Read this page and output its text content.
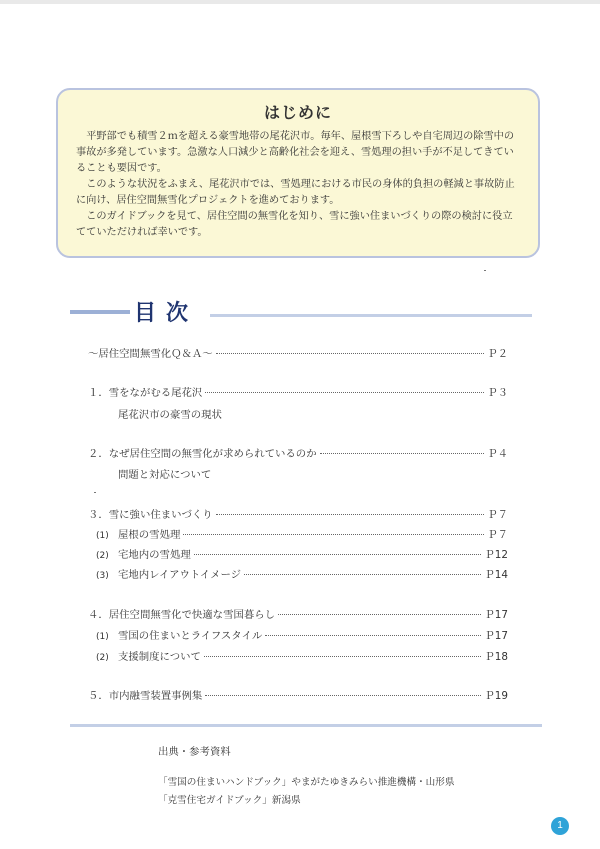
はじめに

平野部でも積雪２ｍを超える豪雪地帯の尾花沢市。毎年、屋根雪下ろしや自宅周辺の除雪中の事故が多発しています。急激な人口減少と高齢化社会を迎え、雪処理の担い手が不足してきていることも要因です。

このような状況をふまえ、尾花沢市では、雪処理における市民の身体的負担の軽減と事故防止に向け、居住空間無雪化プロジェクトを進めております。

このガイドブックを見て、居住空間の無雪化を知り、雪に強い住まいづくりの際の検討に役立てていただければ幸いです。

目次
〜居住空間無雪化Ｑ＆Ａ〜	Ｐ２
１．雪をながむる尾花沢	Ｐ３
尾花沢市の豪雪の現状
２．なぜ居住空間の無雪化が求められているのか	Ｐ４
問題と対応について
３．雪に強い住まいづくり	Ｐ７
(1) 屋根の雪処理	Ｐ７
(2) 宅地内の雪処理	Ｐ12
(3) 宅地内レイアウトイメージ	Ｐ14
４．居住空間無雪化で快適な雪国暮らし	Ｐ17
(1) 雪国の住まいとライフスタイル	Ｐ17
(2) 支援制度について	Ｐ18
５．市内融雪装置事例集	Ｐ19
出典・参考資料
「雪国の住まいハンドブック」やまがたゆきみらい推進機構・山形県
「克雪住宅ガイドブック」新潟県
1
